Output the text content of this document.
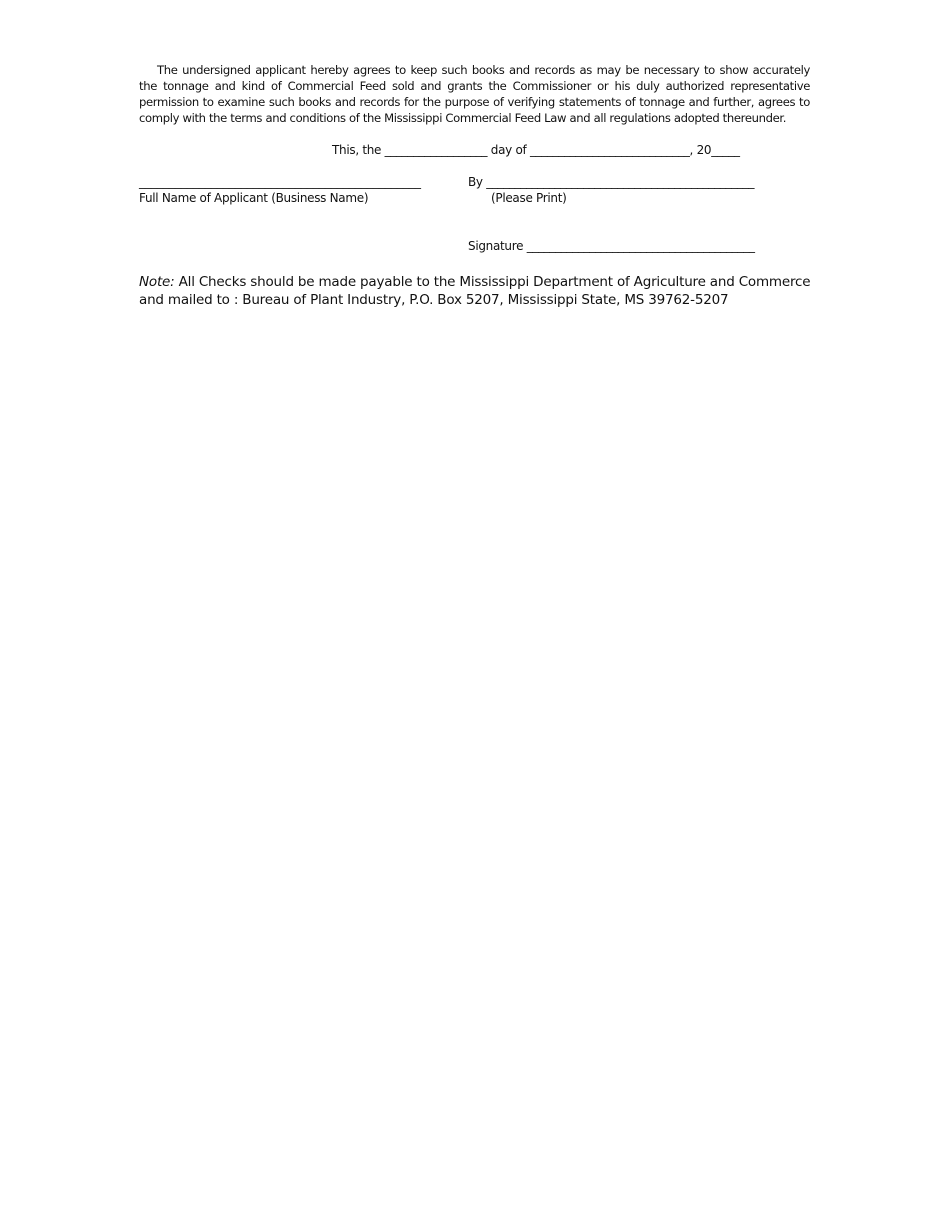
The undersigned applicant hereby agrees to keep such books and records as may be necessary to show accurately the tonnage and kind of Commercial Feed sold and grants the Commissioner or his duly authorized representative permission to examine such books and records for the purpose of verifying statements of tonnage and further, agrees to comply with the terms and conditions of the Mississippi Commercial Feed Law and all regulations adopted thereunder.

This, the __________________ day of ____________________________, 20_____
_______________________________________________
Full Name of Applicant (Business Name)
By _______________________________________________
(Please Print)
Signature ________________________________________

Note: All Checks should be made payable to the Mississippi Department of Agriculture and Commerce and mailed to : Bureau of Plant Industry, P.O. Box 5207, Mississippi State, MS 39762-5207
